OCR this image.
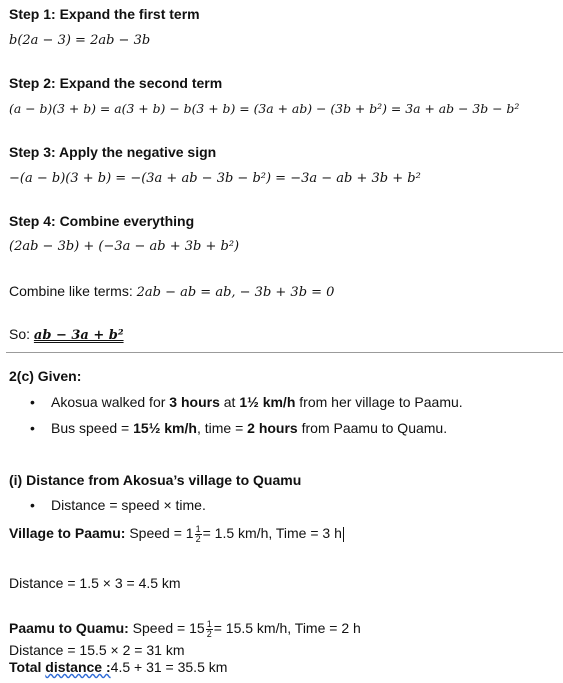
Step 1: Expand the first term
b(2a − 3) = 2ab − 3b
Step 2: Expand the second term
(a − b)(3 + b) = a(3 + b) − b(3 + b) = (3a + ab) − (3b + b²) = 3a + ab − 3b − b²
Step 3: Apply the negative sign
−(a − b)(3 + b) = −(3a + ab − 3b − b²) = −3a − ab + 3b + b²
Step 4: Combine everything
(2ab − 3b) + (−3a − ab + 3b + b²)
Combine like terms: 2ab − ab = ab, − 3b + 3b = 0
So: ab − 3a + b²
2(c) Given:
• Akosua walked for 3 hours at 1½ km/h from her village to Paamu.
• Bus speed = 15½ km/h, time = 2 hours from Paamu to Quamu.
(i) Distance from Akosua’s village to Quamu
• Distance = speed × time.
Village to Paamu: Speed = $1 \frac{1}{2} = 1.5$ km/h, Time = 3 h
Distance = 1.5 × 3 = 4.5 km
Paamu to Quamu: Speed = $15 \frac{1}{2} = 15.5$ km/h, Time = 2 h
Distance = 15.5 × 2 = 31 km
Total distance :4.5 + 31 = 35.5 km
